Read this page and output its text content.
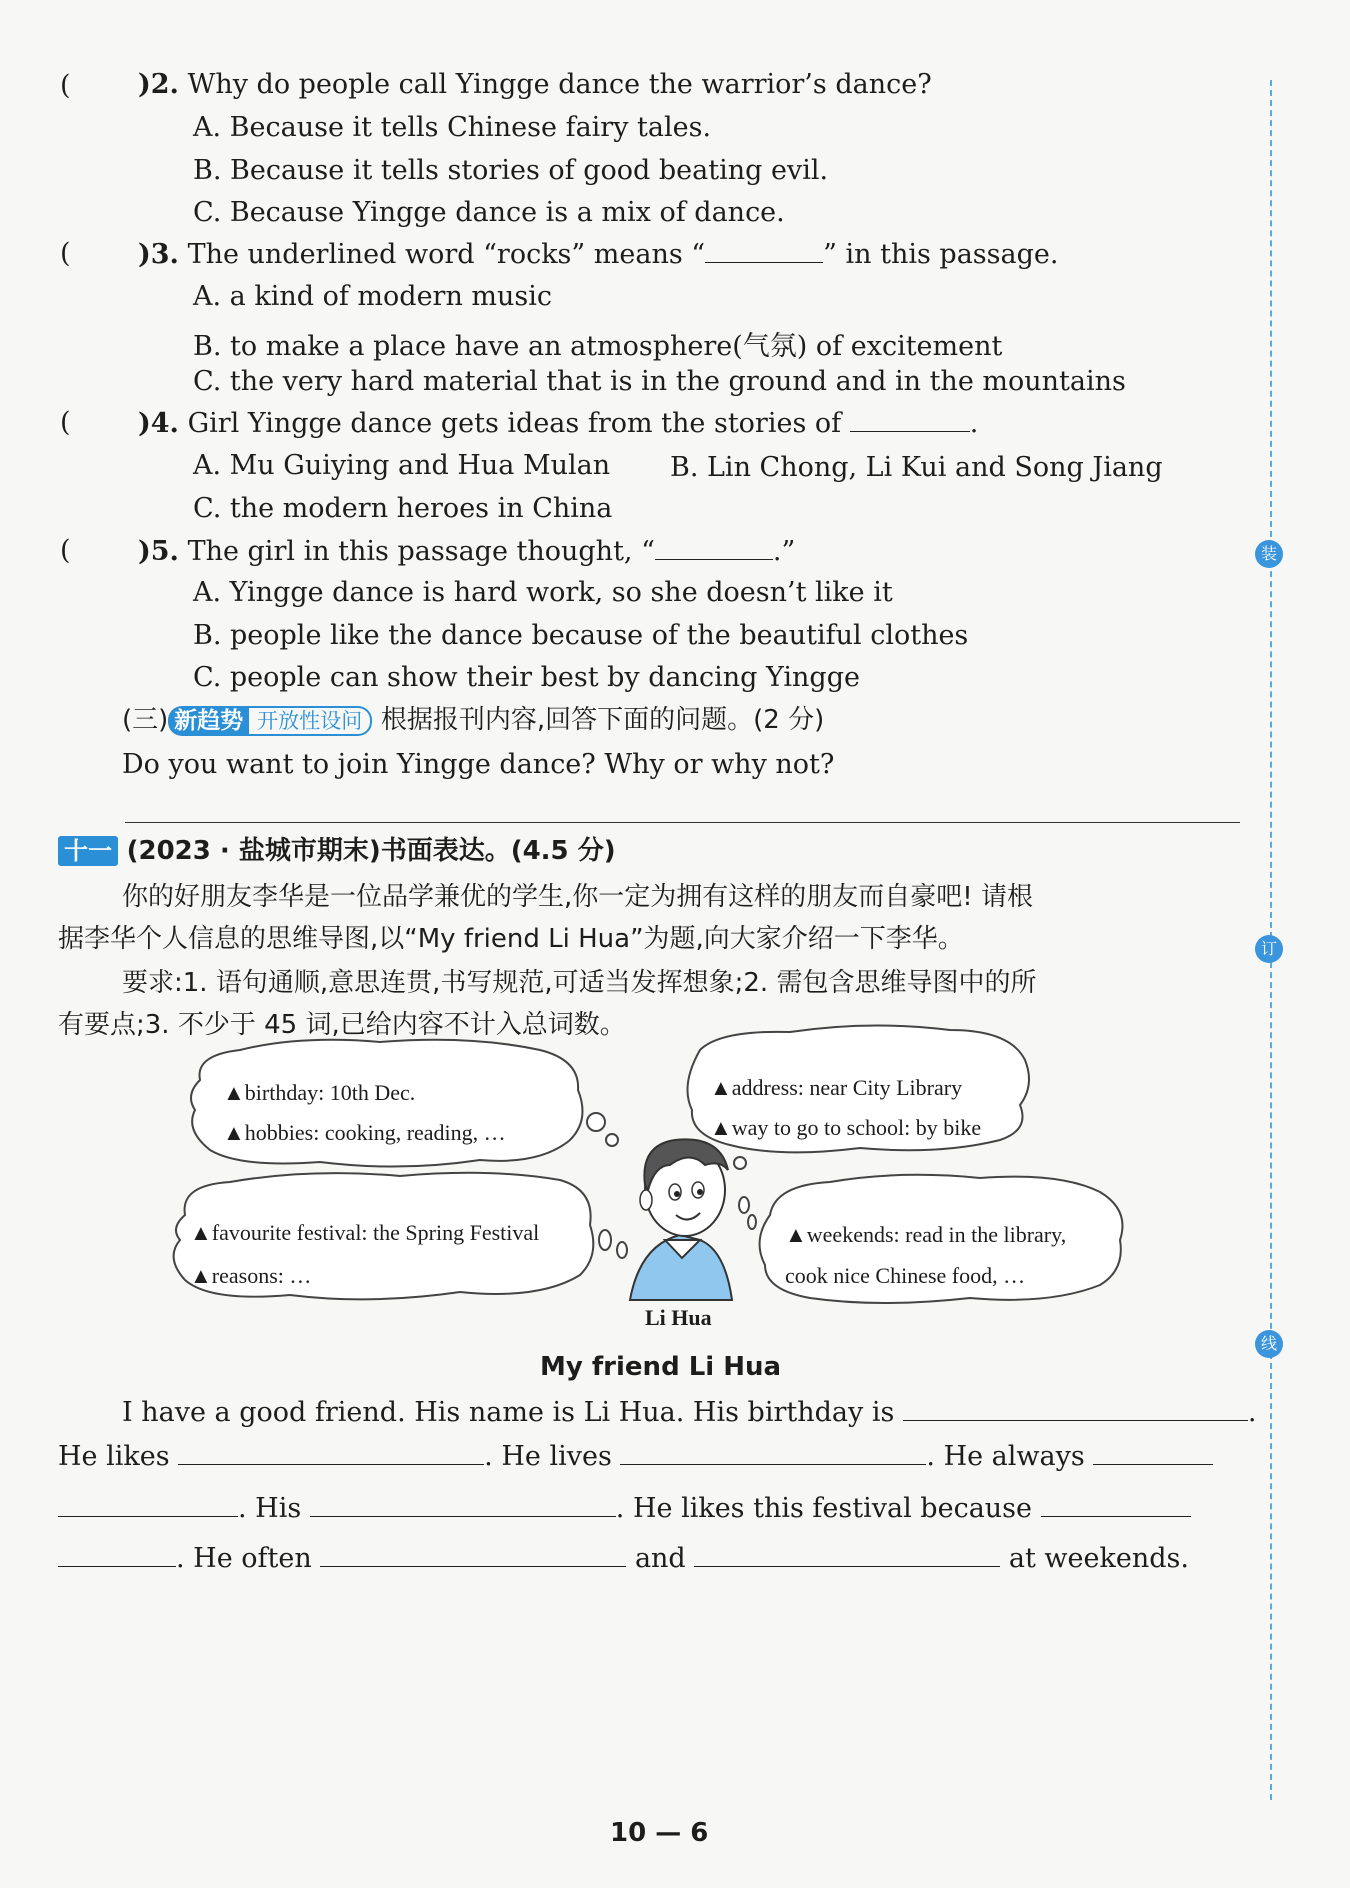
( )2. Why do people call Yingge dance the warrior’s dance?
A. Because it tells Chinese fairy tales.
B. Because it tells stories of good beating evil.
C. Because Yingge dance is a mix of dance.
( )3. The underlined word “rocks” means “	” in this passage.
A. a kind of modern music
B. to make a place have an atmosphere(气氛) of excitement
C. the very hard material that is in the ground and in the mountains
( )4. Girl Yingge dance gets ideas from the stories of	.
A. Mu Guiying and Hua Mulan B. Lin Chong, Li Kui and Song Jiang
C. the modern heroes in China
( )5. The girl in this passage thought, “	.”
A. Yingge dance is hard work, so she doesn’t like it
B. people like the dance because of the beautiful clothes
C. people can show their best by dancing Yingge
(三) 新趋势 开放性设问 根据报刊内容,回答下面的问题。(2 分)
Do you want to join Yingge dance? Why or why not?
十一 (2023 · 盐城市期末)书面表达。(4.5 分)
你的好朋友李华是一位品学兼优的学生,你一定为拥有这样的朋友而自豪吧! 请根
据李华个人信息的思维导图,以“My friend Li Hua”为题,向大家介绍一下李华。
要求:1. 语句通顺,意思连贯,书写规范,可适当发挥想象;2. 需包含思维导图中的所
有要点;3. 不少于 45 词,已给内容不计入总词数。
▲birthday: 10th Dec.
▲hobbies: cooking, reading, …
▲address: near City Library
▲way to go to school: by bike
▲favourite festival: the Spring Festival
▲reasons: …
▲weekends: read in the library,
cook nice Chinese food, …
Li Hua
My friend Li Hua
I have a good friend. His name is Li Hua. His birthday is	.
He likes	. He lives	. He always
. His	. He likes this festival because
. He often	and	at weekends.
10 — 6
装
订
线
